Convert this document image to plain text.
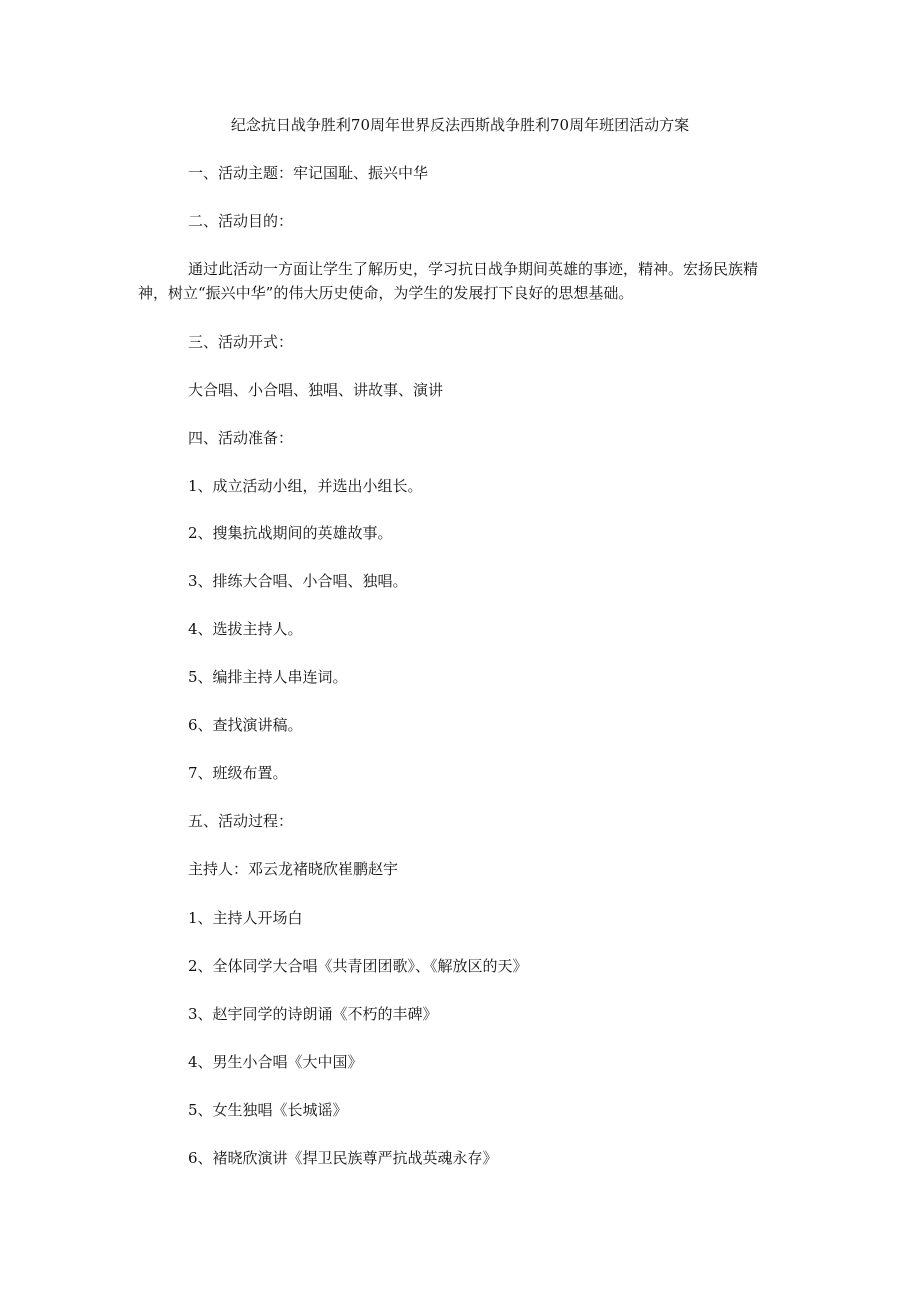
纪念抗日战争胜利70周年世界反法西斯战争胜利70周年班团活动方案
一、活动主题：牢记国耻、振兴中华
二、活动目的：
通过此活动一方面让学生了解历史，学习抗日战争期间英雄的事迹，精神。宏扬民族精神，树立“振兴中华”的伟大历史使命，为学生的发展打下良好的思想基础。
三、活动开式：
大合唱、小合唱、独唱、讲故事、演讲
四、活动准备：
1、成立活动小组，并选出小组长。
2、搜集抗战期间的英雄故事。
3、排练大合唱、小合唱、独唱。
4、选拔主持人。
5、编排主持人串连词。
6、查找演讲稿。
7、班级布置。
五、活动过程：
主持人：邓云龙褚晓欣崔鹏赵宇
1、主持人开场白
2、全体同学大合唱《共青团团歌》、《解放区的天》
3、赵宇同学的诗朗诵《不朽的丰碑》
4、男生小合唱《大中国》
5、女生独唱《长城谣》
6、褚晓欣演讲《捍卫民族尊严抗战英魂永存》
